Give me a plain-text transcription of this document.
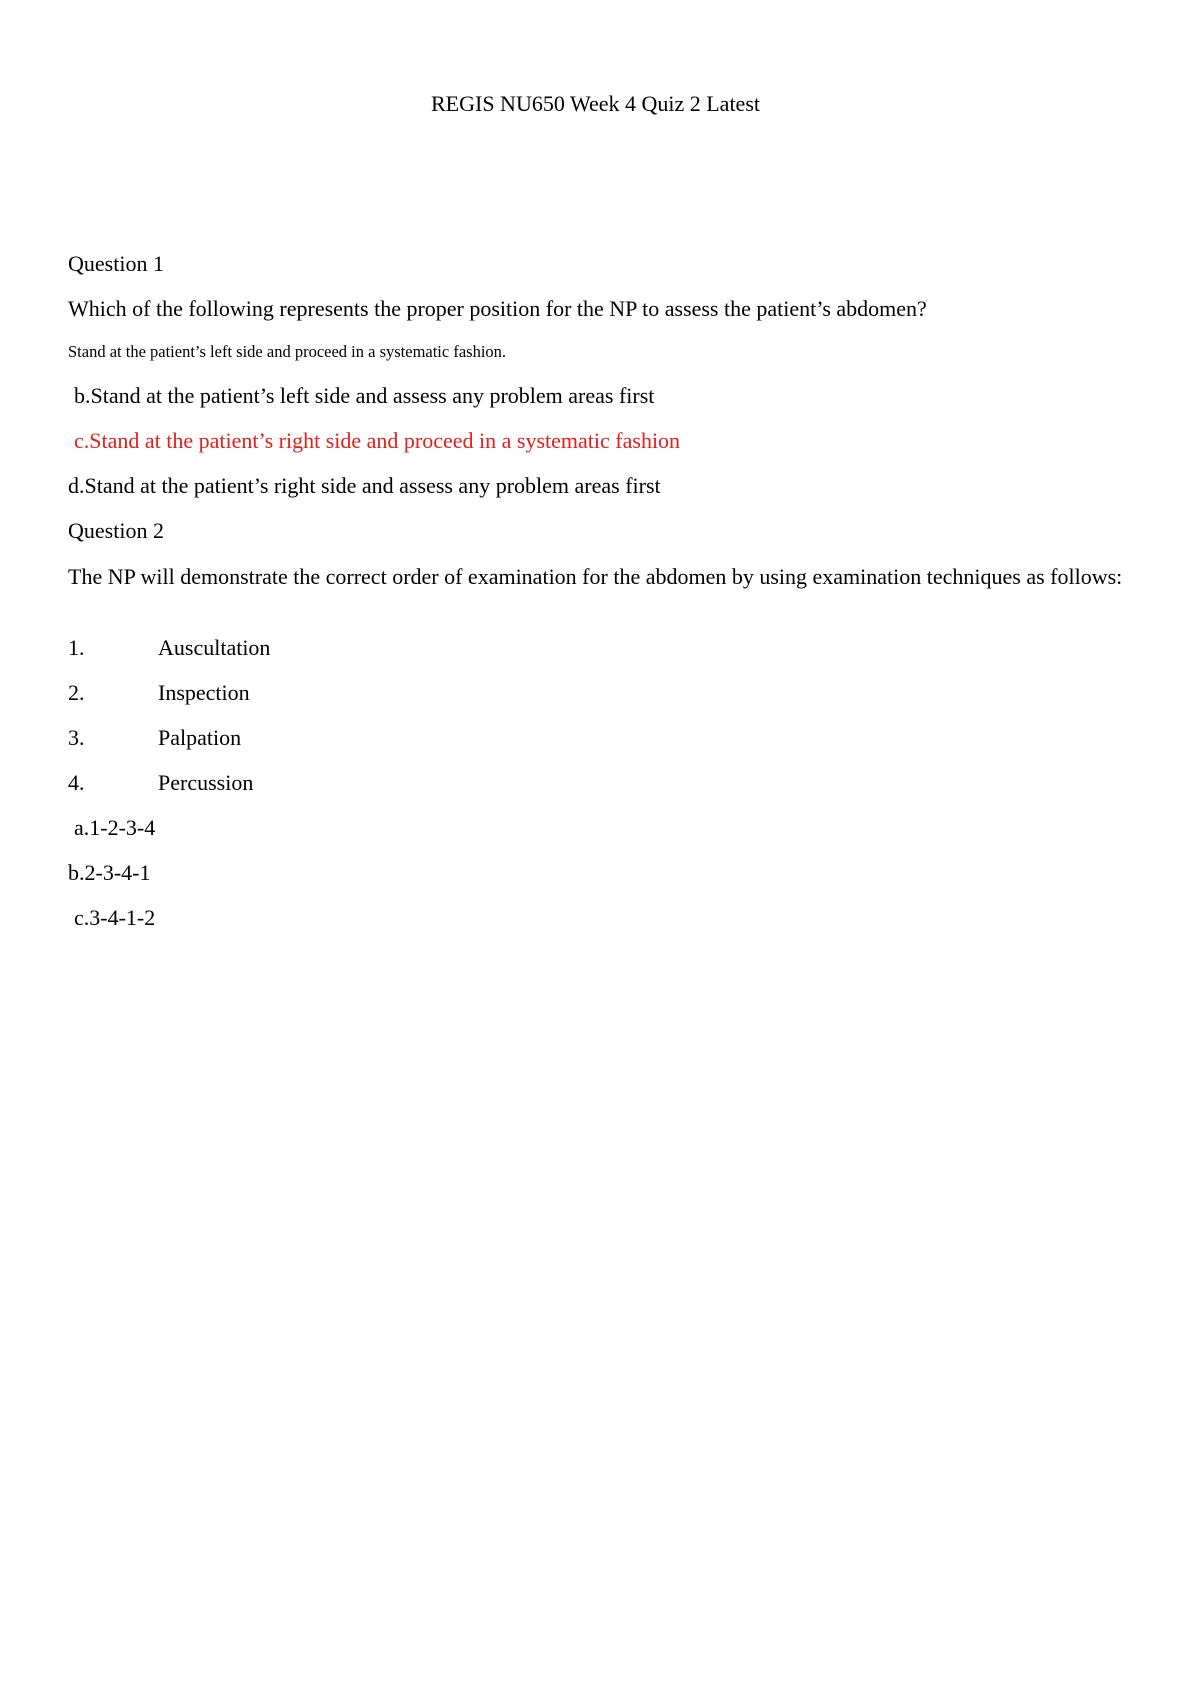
REGIS NU650 Week 4 Quiz 2 Latest
Question 1
Which of the following represents the proper position for the NP to assess the patient’s abdomen?
Stand at the patient’s left side and proceed in a systematic fashion.
b.Stand at the patient’s left side and assess any problem areas first
c.Stand at the patient’s right side and proceed in a systematic fashion
d.Stand at the patient’s right side and assess any problem areas first
Question 2
The NP will demonstrate the correct order of examination for the abdomen by using examination techniques as follows:
1.	Auscultation
2.	Inspection
3.	Palpation
4.	Percussion
a.1-2-3-4
b.2-3-4-1
c.3-4-1-2
